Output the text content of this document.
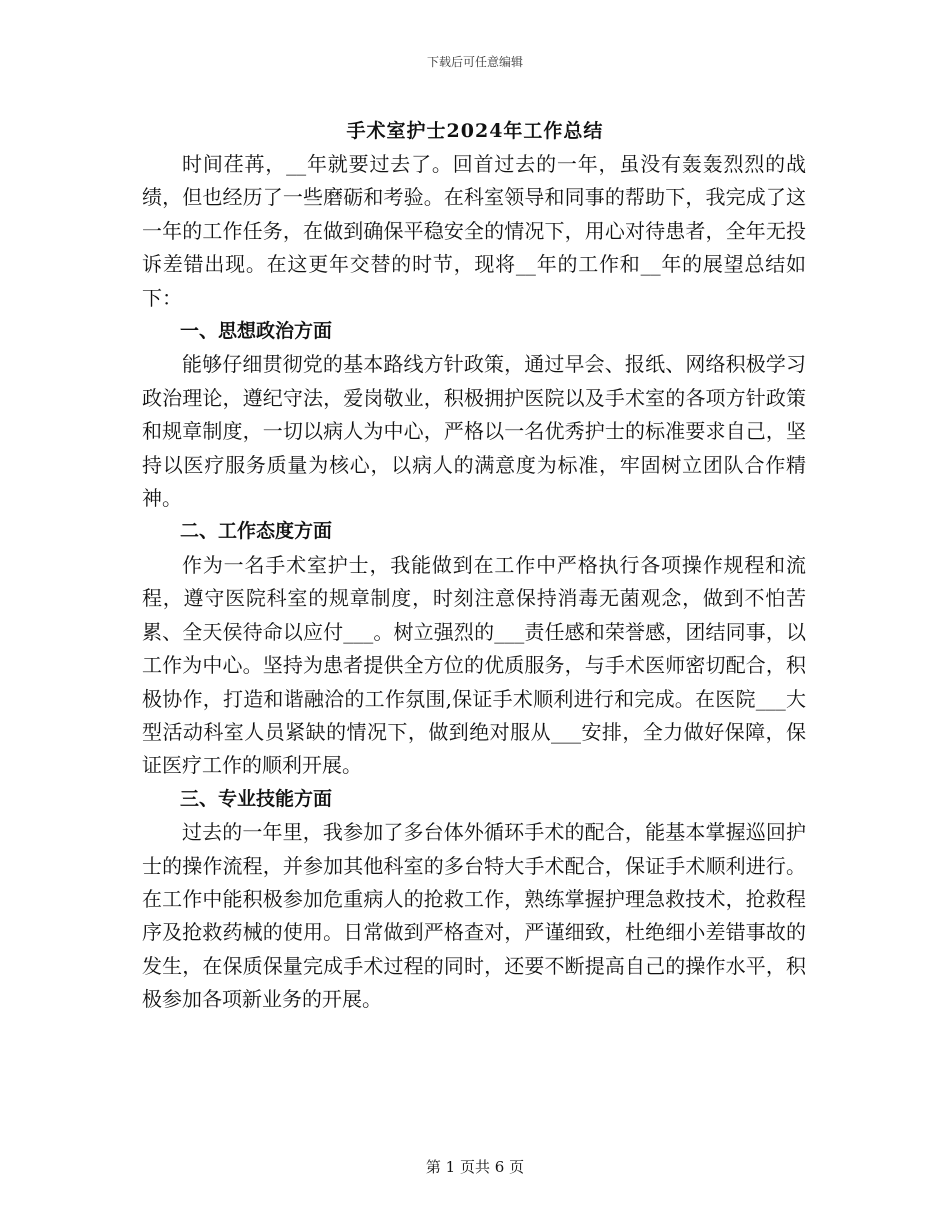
下载后可任意编辑
手术室护士2024年工作总结

时间荏苒，__年就要过去了。回首过去的一年，虽没有轰轰烈烈的战绩，但也经历了一些磨砺和考验。在科室领导和同事的帮助下，我完成了这一年的工作任务，在做到确保平稳安全的情况下，用心对待患者，全年无投诉差错出现。在这更年交替的时节，现将__年的工作和__年的展望总结如下：

一、思想政治方面

能够仔细贯彻党的基本路线方针政策，通过早会、报纸、网络积极学习政治理论，遵纪守法，爱岗敬业，积极拥护医院以及手术室的各项方针政策和规章制度，一切以病人为中心，严格以一名优秀护士的标准要求自己，坚持以医疗服务质量为核心，以病人的满意度为标准，牢固树立团队合作精神。

二、工作态度方面

作为一名手术室护士，我能做到在工作中严格执行各项操作规程和流程，遵守医院科室的规章制度，时刻注意保持消毒无菌观念，做到不怕苦累、全天侯待命以应付___。树立强烈的___责任感和荣誉感，团结同事，以工作为中心。坚持为患者提供全方位的优质服务，与手术医师密切配合，积极协作，打造和谐融洽的工作氛围,保证手术顺利进行和完成。在医院___大型活动科室人员紧缺的情况下，做到绝对服从___安排，全力做好保障，保证医疗工作的顺利开展。

三、专业技能方面

过去的一年里，我参加了多台体外循环手术的配合，能基本掌握巡回护士的操作流程，并参加其他科室的多台特大手术配合，保证手术顺利进行。在工作中能积极参加危重病人的抢救工作，熟练掌握护理急救技术，抢救程序及抢救药械的使用。日常做到严格查对，严谨细致，杜绝细小差错事故的发生，在保质保量完成手术过程的同时，还要不断提高自己的操作水平，积极参加各项新业务的开展。

第 1 页共 6 页
